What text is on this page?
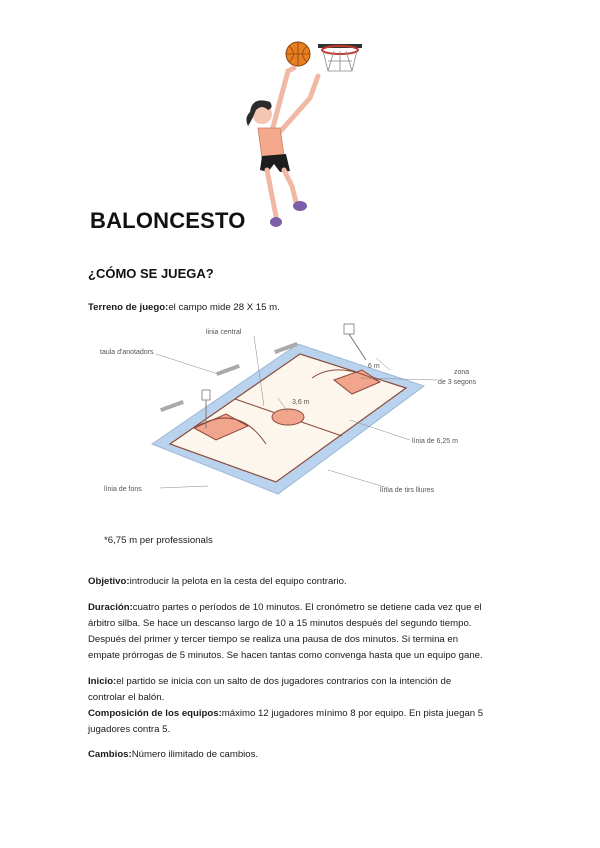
BALONCESTO
¿CÓMO SE JUEGA?
Terreno de juego:el campo mide 28 X 15 m.
linia central
taula d'anotadors
6 m
zona
de 3 segons
3,6 m
línia de 6,25 m
línia de fons	línia de tirs lliures
*6,75 m per professionals
Objetivo:introducir la pelota en la cesta del equipo contrario.
Duración:cuatro partes o períodos de 10 minutos. El cronómetro se detiene cada vez que el
árbitro silba. Se hace un descanso largo de 10 a 15 minutos después del segundo tiempo.
Después del primer y tercer tiempo se realiza una pausa de dos minutos. Si termina en
empate prórrogas de 5 minutos. Se hacen tantas como convenga hasta que un equipo gane.
Inicio:el partido se inicia con un salto de dos jugadores contrarios con la intención de
controlar el balón.
Composición de los equipos:máximo 12 jugadores mínimo 8 por equipo. En pista juegan 5
jugadores contra 5.
Cambios:Número ilimitado de cambios.
